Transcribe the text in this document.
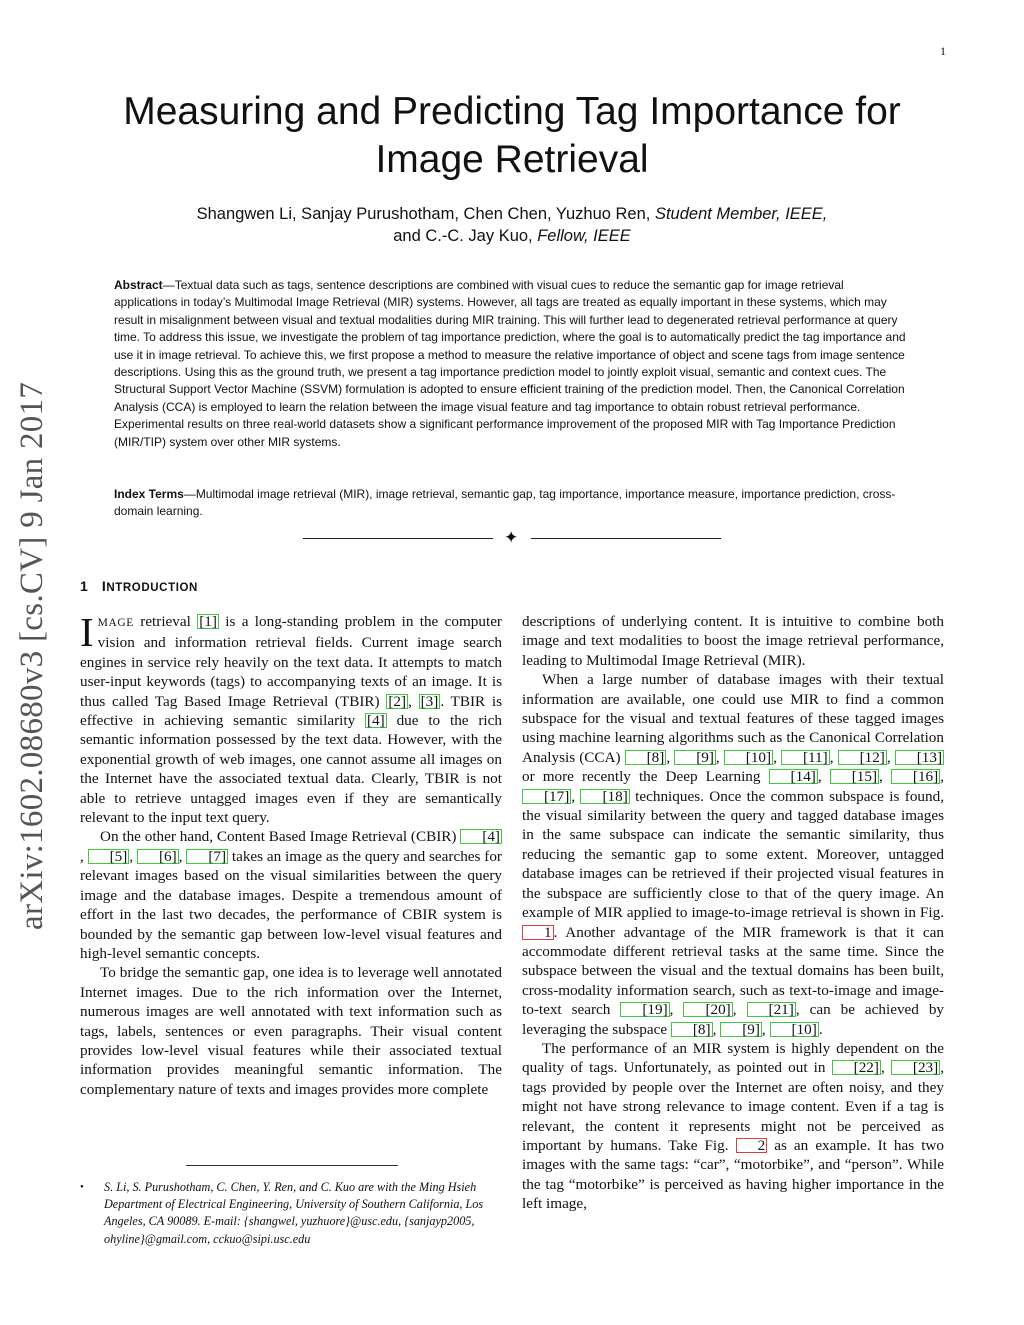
1
arXiv:1602.08680v3 [cs.CV] 9 Jan 2017
Measuring and Predicting Tag Importance for Image Retrieval
Shangwen Li, Sanjay Purushotham, Chen Chen, Yuzhuo Ren, Student Member, IEEE,
and C.-C. Jay Kuo, Fellow, IEEE
Abstract—Textual data such as tags, sentence descriptions are combined with visual cues to reduce the semantic gap for image retrieval applications in today’s Multimodal Image Retrieval (MIR) systems. However, all tags are treated as equally important in these systems, which may result in misalignment between visual and textual modalities during MIR training. This will further lead to degenerated retrieval performance at query time. To address this issue, we investigate the problem of tag importance prediction, where the goal is to automatically predict the tag importance and use it in image retrieval. To achieve this, we first propose a method to measure the relative importance of object and scene tags from image sentence descriptions. Using this as the ground truth, we present a tag importance prediction model to jointly exploit visual, semantic and context cues. The Structural Support Vector Machine (SSVM) formulation is adopted to ensure efficient training of the prediction model. Then, the Canonical Correlation Analysis (CCA) is employed to learn the relation between the image visual feature and tag importance to obtain robust retrieval performance. Experimental results on three real-world datasets show a significant performance improvement of the proposed MIR with Tag Importance Prediction (MIR/TIP) system over other MIR systems.
Index Terms—Multimodal image retrieval (MIR), image retrieval, semantic gap, tag importance, importance measure, importance prediction, cross-domain learning.
✦
1 INTRODUCTION

IMAGE retrieval [1] is a long-standing problem in the computer vision and information retrieval fields. Current image search engines in service rely heavily on the text data. It attempts to match user-input keywords (tags) to accompanying texts of an image. It is thus called Tag Based Image Retrieval (TBIR) [2] , [3] . TBIR is effective in achieving semantic similarity [4] due to the rich semantic information possessed by the text data. However, with the exponential growth of web images, one cannot assume all images on the Internet have the associated textual data. Clearly, TBIR is not able to retrieve untagged images even if they are semantically relevant to the input text query.

On the other hand, Content Based Image Retrieval (CBIR) [4], [5] , [6] , [7] takes an image as the query and searches for relevant images based on the visual similarities between the query image and the database images. Despite a tremendous amount of effort in the last two decades, the performance of CBIR system is bounded by the semantic gap between low-level visual features and high-level semantic concepts.

To bridge the semantic gap, one idea is to leverage well annotated Internet images. Due to the rich information over the Internet, numerous images are well annotated with text information such as tags, labels, sentences or even paragraphs. Their visual content provides low-level visual features while their associated textual information provides meaningful semantic information. The complementary nature of texts and images provides more complete

descriptions of underlying content. It is intuitive to combine both image and text modalities to boost the image retrieval performance, leading to Multimodal Image Retrieval (MIR).

When a large number of database images with their textual information are available, one could use MIR to find a common subspace for the visual and textual features of these tagged images using machine learning algorithms such as the Canonical Correlation Analysis (CCA) [8] , [9] , [10] , [11] , [12] , [13] or more recently the Deep Learning [14] , [15] , [16] , [17] , [18] techniques. Once the common subspace is found, the visual similarity between the query and tagged database images in the same subspace can indicate the semantic similarity, thus reducing the semantic gap to some extent. Moreover, untagged database images can be retrieved if their projected visual features in the subspace are sufficiently close to that of the query image. An example of MIR applied to image-to-image retrieval is shown in Fig. 1 . Another advantage of the MIR framework is that it can accommodate different retrieval tasks at the same time. Since the subspace between the visual and the textual domains has been built, cross-modality information search, such as text-to-image and image-to-text search [19] , [20] , [21] , can be achieved by leveraging the subspace [8] , [9] , [10] .

The performance of an MIR system is highly dependent on the quality of tags. Unfortunately, as pointed out in [22] , [23] , tags provided by people over the Internet are often noisy, and they might not have strong relevance to image content. Even if a tag is relevant, the content it represents might not be perceived as important by humans. Take Fig. 2 as an example. It has two images with the same tags: “car”, “motorbike”, and “person”. While the tag “motorbike” is perceived as having higher importance in the left image,

• S. Li, S. Purushotham, C. Chen, Y. Ren, and C. Kuo are with the Ming Hsieh Department of Electrical Engineering, University of Southern California, Los Angeles, CA 90089. E-mail: {shangwel, yuzhuore}@usc.edu, {sanjayp2005, ohyline}@gmail.com, cckuo@sipi.usc.edu
